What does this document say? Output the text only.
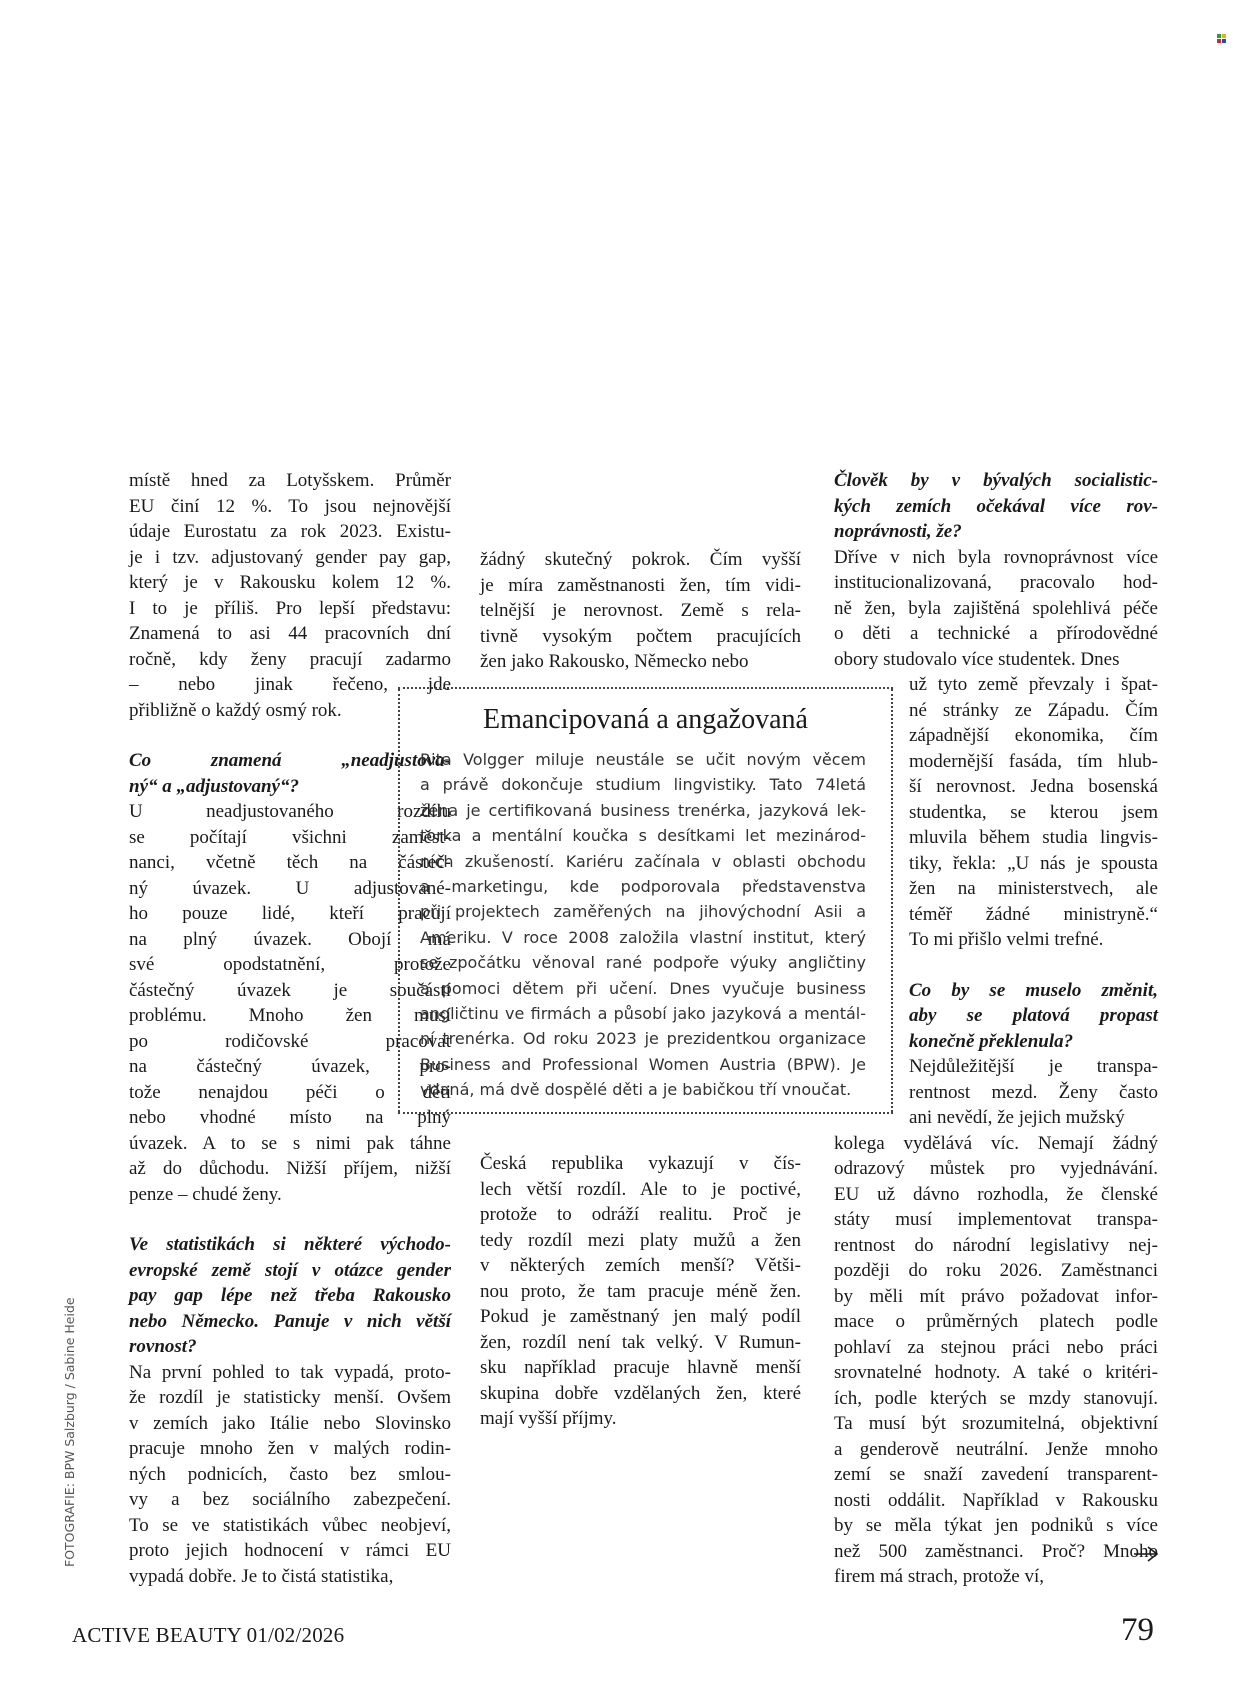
místě hned za Lotyšskem. Průměr
EU činí 12 %. To jsou nejnovější
údaje Eurostatu za rok 2023. Existu-
je i tzv. adjustovaný gender pay gap,
který je v Rakousku kolem 12 %.
I to je příliš. Pro lepší představu:
Znamená to asi 44 pracovních dní
ročně, kdy ženy pracují zadarmo
– nebo jinak řečeno, jde
přibližně o každý osmý rok.
Co znamená „neadjustova-
ný“ a „adjustovaný“?
U neadjustovaného rozdílu
se počítají všichni zaměst-
nanci, včetně těch na částeč-
ný úvazek. U adjustované-
ho pouze lidé, kteří pracují
na plný úvazek. Obojí má
své opodstatnění, protože
částečný úvazek je součástí
problému. Mnoho žen musí
po rodičovské pracovat
na částečný úvazek, pro-
tože nenajdou péči o děti
nebo vhodné místo na plný
úvazek. A to se s nimi pak táhne
až do důchodu. Nižší příjem, nižší
penze – chudé ženy.
Ve statistikách si některé východo-
evropské země stojí v otázce gender
pay gap lépe než třeba Rakousko
nebo Německo. Panuje v nich větší
rovnost?
Na první pohled to tak vypadá, proto-
že rozdíl je statisticky menší. Ovšem
v zemích jako Itálie nebo Slovinsko
pracuje mnoho žen v malých rodin-
ných podnicích, často bez smlou-
vy a bez sociálního zabezpečení.
To se ve statistikách vůbec neobjeví,
proto jejich hodnocení v rámci EU
vypadá dobře. Je to čistá statistika,
žádný skutečný pokrok. Čím vyšší
je míra zaměstnanosti žen, tím vidi-
telnější je nerovnost. Země s rela-
tivně vysokým počtem pracujících
žen jako Rakousko, Německo nebo
Emancipovaná a angažovaná
Rita Volgger miluje neustále se učit novým věcem
a právě dokončuje studium lingvistiky. Tato 74letá
žena je certifikovaná business trenérka, jazyková lek-
torka a mentální koučka s desítkami let mezinárod-
ních zkušeností. Kariéru začínala v oblasti obchodu
a marketingu, kde podporovala představenstva
při projektech zaměřených na jihovýchodní Asii a
Ameriku. V roce 2008 založila vlastní institut, který
se zpočátku věnoval rané podpoře výuky angličtiny
a pomoci dětem při učení. Dnes vyučuje business
angličtinu ve firmách a působí jako jazyková a mentál-
ní trenérka. Od roku 2023 je prezidentkou organizace
Business and Professional Women Austria (BPW). Je
vdaná, má dvě dospělé děti a je babičkou tří vnoučat.
Česká republika vykazují v čís-
lech větší rozdíl. Ale to je poctivé,
protože to odráží realitu. Proč je
tedy rozdíl mezi platy mužů a žen
v některých zemích menší? Větši-
nou proto, že tam pracuje méně žen.
Pokud je zaměstnaný jen malý podíl
žen, rozdíl není tak velký. V Rumun-
sku například pracuje hlavně menší
skupina dobře vzdělaných žen, které
mají vyšší příjmy.
Člověk by v bývalých socialistic-
kých zemích očekával více rov-
noprávnosti, že?
Dříve v nich byla rovnoprávnost více
institucionalizovaná, pracovalo hod-
ně žen, byla zajištěná spolehlivá péče
o děti a technické a přírodovědné
obory studovalo více studentek. Dnes
už tyto země převzaly i špat-
né stránky ze Západu. Čím
západnější ekonomika, čím
modernější fasáda, tím hlub-
ší nerovnost. Jedna bosenská
studentka, se kterou jsem
mluvila během studia lingvis-
tiky, řekla: „U nás je spousta
žen na ministerstvech, ale
téměř žádné ministryně.“
To mi přišlo velmi trefné.
Co by se muselo změnit,
aby se platová propast
konečně překlenula?
Nejdůležitější je transpa-
rentnost mezd. Ženy často
ani nevědí, že jejich mužský
kolega vydělává víc. Nemají žádný
odrazový můstek pro vyjednávání.
EU už dávno rozhodla, že členské
státy musí implementovat transpa-
rentnost do národní legislativy nej-
později do roku 2026. Zaměstnanci
by měli mít právo požadovat infor-
mace o průměrných platech podle
pohlaví za stejnou práci nebo práci
srovnatelné hodnoty. A také o kritéri-
ích, podle kterých se mzdy stanovují.
Ta musí být srozumitelná, objektivní
a genderově neutrální. Jenže mnoho
zemí se snaží zavedení transparent-
nosti oddálit. Například v Rakousku
by se měla týkat jen podniků s více
než 500 zaměstnanci. Proč? Mnoho
firem má strach, protože ví,
FOTOGRAFIE: BPW Salzburg / Sabine Heide
ACTIVE BEAUTY 01/02/2026	79
